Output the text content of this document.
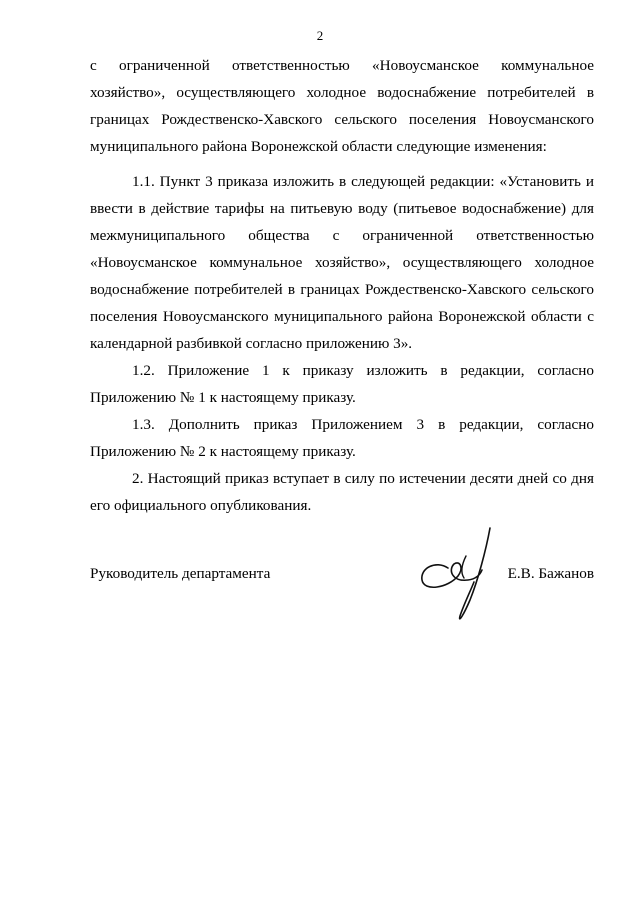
2

с ограниченной ответственностью «Новоусманское коммунальное хозяйство», осуществляющего холодное водоснабжение потребителей в границах Рождественско-Хавского сельского поселения Новоусманского муниципального района Воронежской области следующие изменения:

1.1. Пункт 3 приказа изложить в следующей редакции: «Установить и ввести в действие тарифы на питьевую воду (питьевое водоснабжение) для межмуниципального общества с ограниченной ответственностью «Новоусманское коммунальное хозяйство», осуществляющего холодное водоснабжение потребителей в границах Рождественско-Хавского сельского поселения Новоусманского муниципального района Воронежской области с календарной разбивкой согласно приложению 3».

1.2. Приложение 1 к приказу изложить в редакции, согласно Приложению № 1 к настоящему приказу.

1.3. Дополнить приказ Приложением 3 в редакции, согласно Приложению № 2 к настоящему приказу.

2. Настоящий приказ вступает в силу по истечении десяти дней со дня его официального опубликования.

Руководитель департамента	Е.В. Бажанов
